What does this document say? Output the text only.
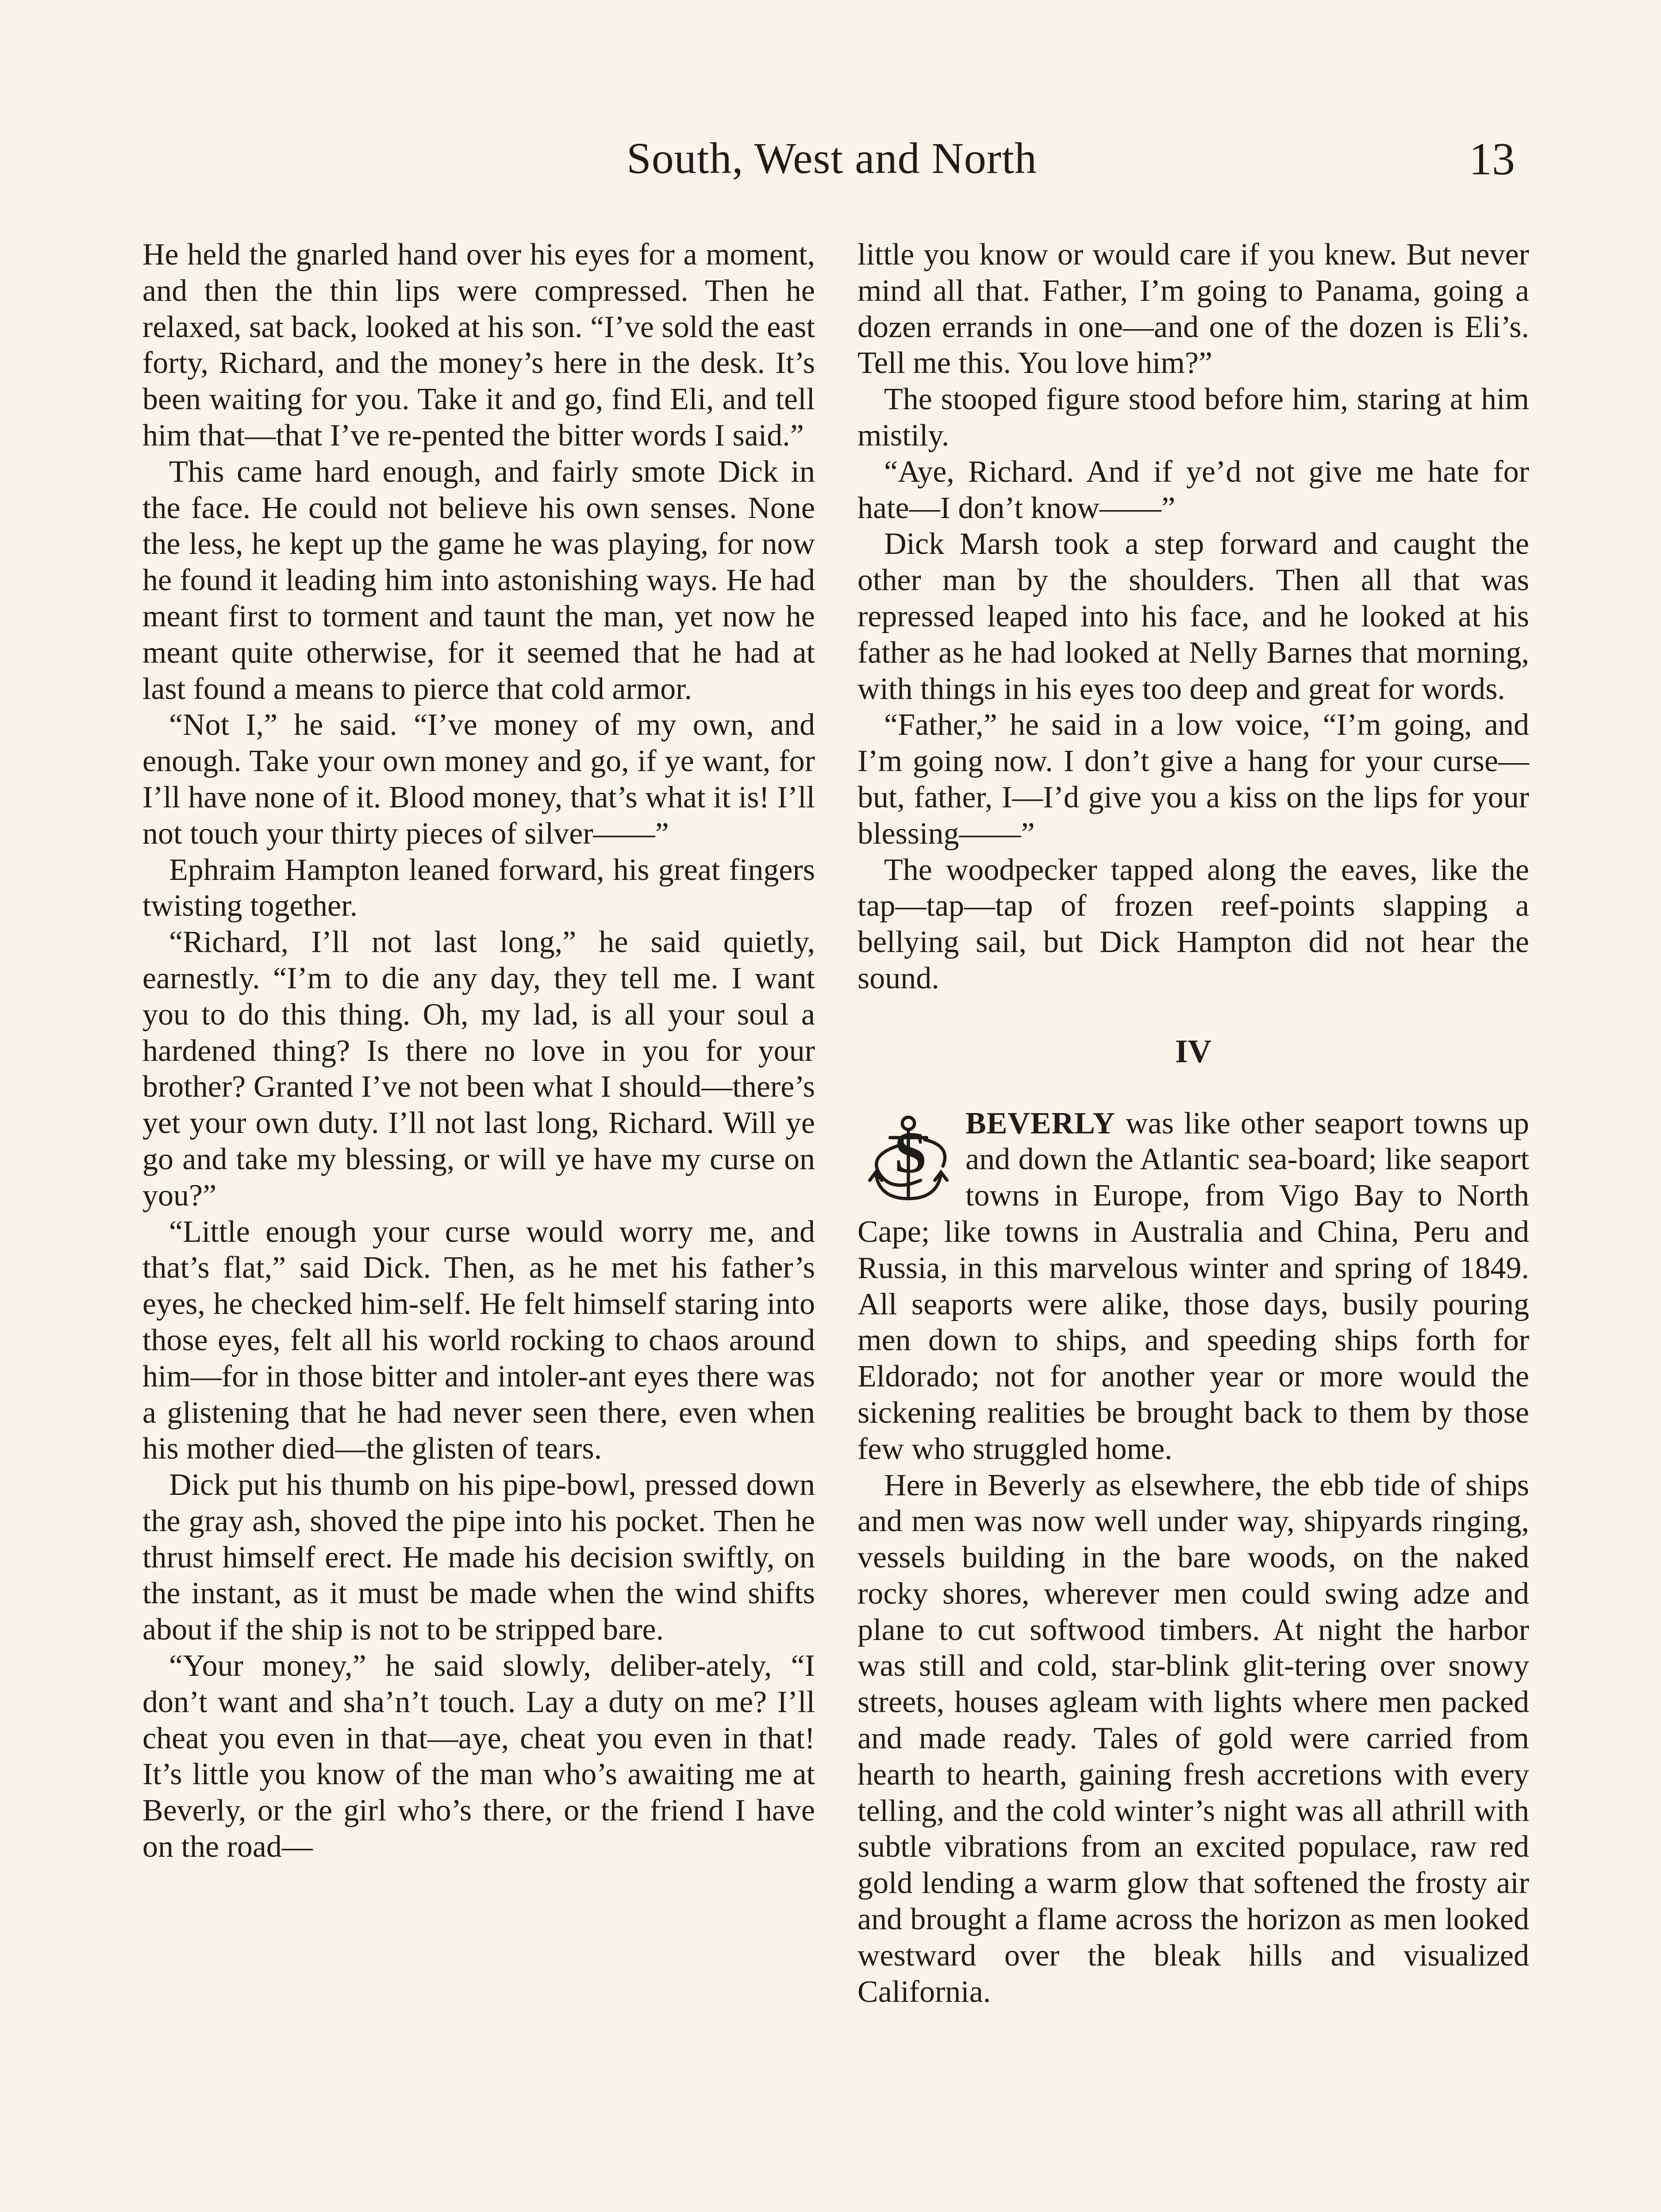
South, West and North	13

He held the gnarled hand over his eyes for a moment, and then the thin lips were compressed. Then he relaxed, sat back, looked at his son. “I’ve sold the east forty, Richard, and the money’s here in the desk. It’s been waiting for you. Take it and go, find Eli, and tell him that—that I’ve re-pented the bitter words I said.”

This came hard enough, and fairly smote Dick in the face. He could not believe his own senses. None the less, he kept up the game he was playing, for now he found it leading him into astonishing ways. He had meant first to torment and taunt the man, yet now he meant quite otherwise, for it seemed that he had at last found a means to pierce that cold armor.

“Not I,” he said. “I’ve money of my own, and enough. Take your own money and go, if ye want, for I’ll have none of it. Blood money, that’s what it is! I’ll not touch your thirty pieces of silver——”

Ephraim Hampton leaned forward, his great fingers twisting together.

“Richard, I’ll not last long,” he said quietly, earnestly. “I’m to die any day, they tell me. I want you to do this thing. Oh, my lad, is all your soul a hardened thing? Is there no love in you for your brother? Granted I’ve not been what I should—there’s yet your own duty. I’ll not last long, Richard. Will ye go and take my blessing, or will ye have my curse on you?”

“Little enough your curse would worry me, and that’s flat,” said Dick. Then, as he met his father’s eyes, he checked him-self. He felt himself staring into those eyes, felt all his world rocking to chaos around him—for in those bitter and intoler-ant eyes there was a glistening that he had never seen there, even when his mother died—the glisten of tears.

Dick put his thumb on his pipe-bowl, pressed down the gray ash, shoved the pipe into his pocket. Then he thrust himself erect. He made his decision swiftly, on the instant, as it must be made when the wind shifts about if the ship is not to be stripped bare.

“Your money,” he said slowly, deliber-ately, “I don’t want and sha’n’t touch. Lay a duty on me? I’ll cheat you even in that—aye, cheat you even in that! It’s little you know of the man who’s awaiting me at Beverly, or the girl who’s there, or the friend I have on the road—

little you know or would care if you knew. But never mind all that. Father, I’m going to Panama, going a dozen errands in one—and one of the dozen is Eli’s. Tell me this. You love him?”

The stooped figure stood before him, staring at him mistily.

“Aye, Richard. And if ye’d not give me hate for hate—I don’t know——”

Dick Marsh took a step forward and caught the other man by the shoulders. Then all that was repressed leaped into his face, and he looked at his father as he had looked at Nelly Barnes that morning, with things in his eyes too deep and great for words.

“Father,” he said in a low voice, “I’m going, and I’m going now. I don’t give a hang for your curse—but, father, I—I’d give you a kiss on the lips for your blessing——”

The woodpecker tapped along the eaves, like the tap—tap—tap of frozen reef-points slapping a bellying sail, but Dick Hampton did not hear the sound.

IV

S BEVERLY was like other seaport towns up and down the Atlantic sea-board; like seaport towns in Europe, from Vigo Bay to North Cape; like towns in Australia and China, Peru and Russia, in this marvelous winter and spring of 1849. All seaports were alike, those days, busily pouring men down to ships, and speeding ships forth for Eldorado; not for another year or more would the sickening realities be brought back to them by those few who struggled home.

Here in Beverly as elsewhere, the ebb tide of ships and men was now well under way, shipyards ringing, vessels building in the bare woods, on the naked rocky shores, wherever men could swing adze and plane to cut softwood timbers. At night the harbor was still and cold, star-blink glit-tering over snowy streets, houses agleam with lights where men packed and made ready. Tales of gold were carried from hearth to hearth, gaining fresh accretions with every telling, and the cold winter’s night was all athrill with subtle vibrations from an excited populace, raw red gold lending a warm glow that softened the frosty air and brought a flame across the horizon as men looked westward over the bleak hills and visualized California.
